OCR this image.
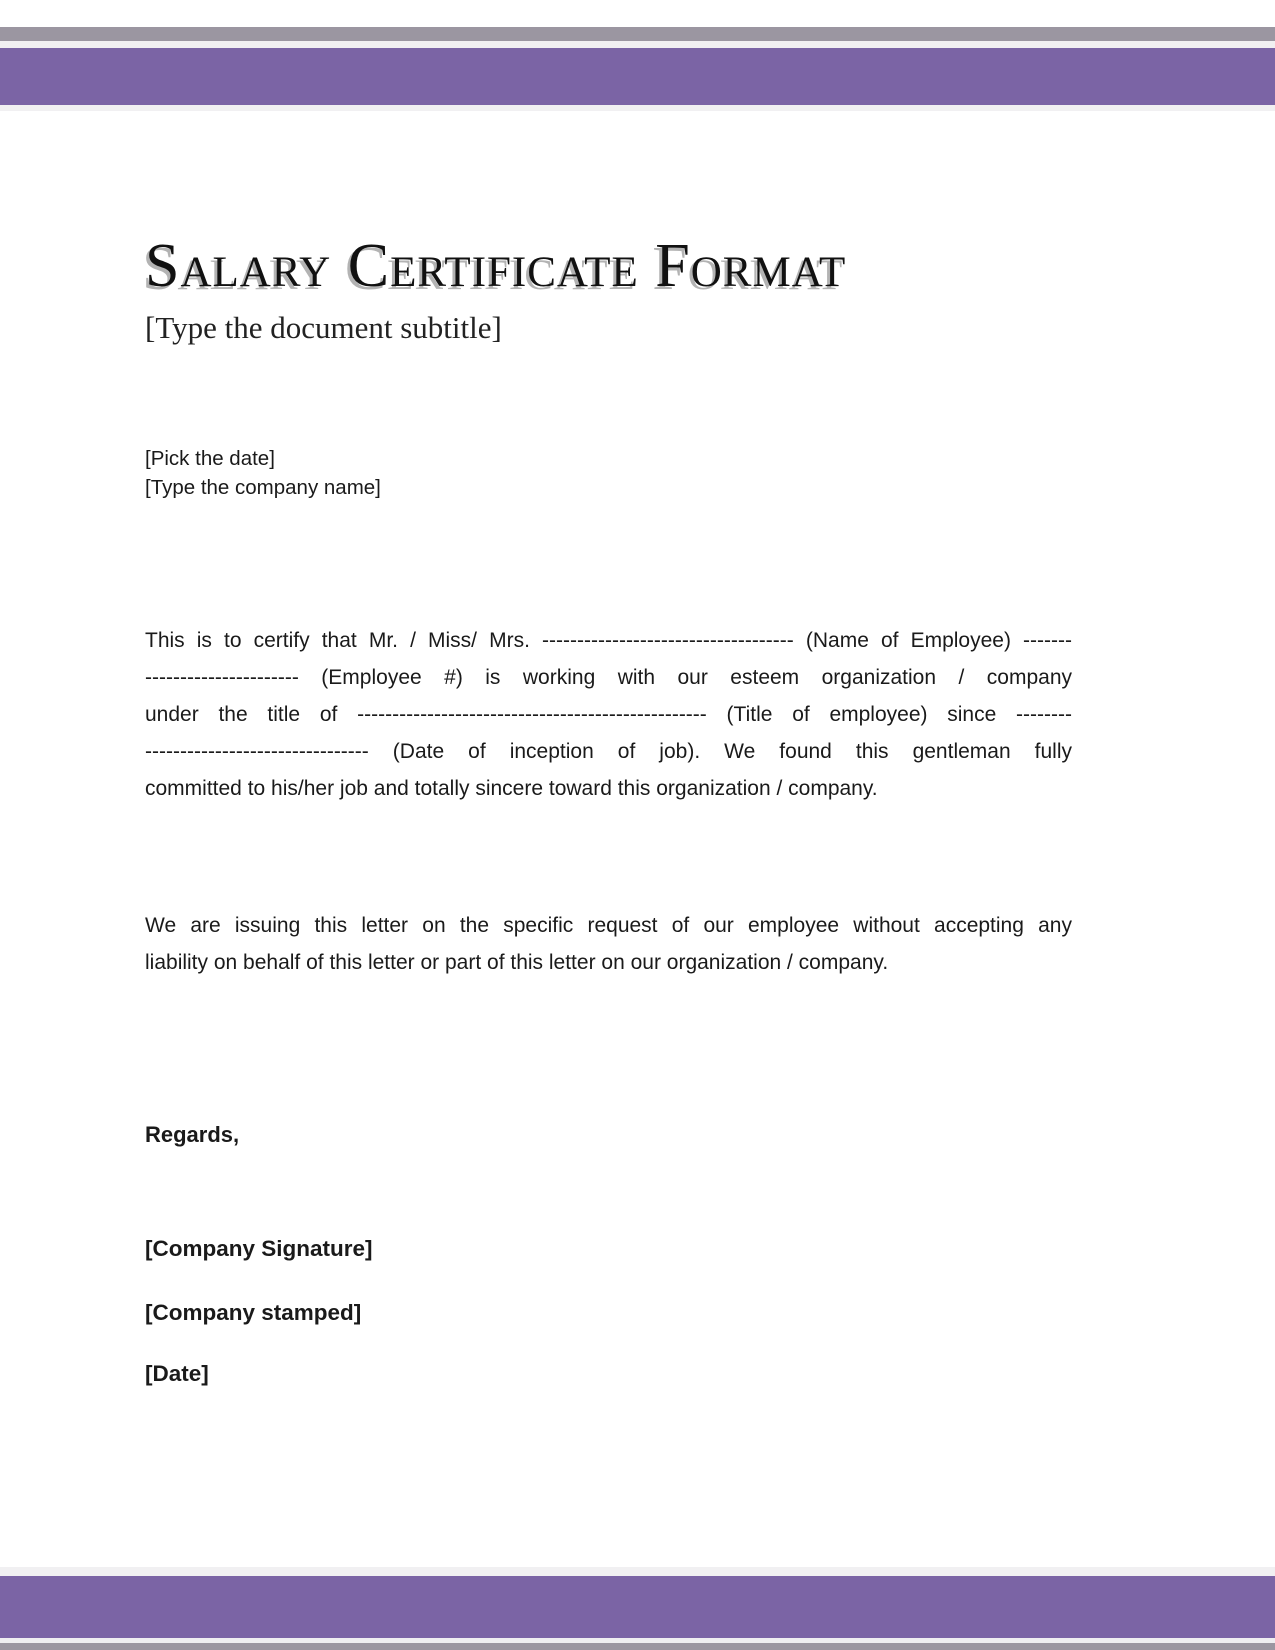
Salary Certificate Format
[Type the document subtitle]
[Pick the date]
[Type the company name]
This is to certify that Mr. / Miss/ Mrs. ------------------------------------ (Name of Employee) -------
---------------------- (Employee #) is working with our esteem organization / company
under the title of -------------------------------------------------- (Title of employee) since --------
-------------------------------- (Date of inception of job). We found this gentleman fully
committed to his/her job and totally sincere toward this organization / company.
We are issuing this letter on the specific request of our employee without accepting any
liability on behalf of this letter or part of this letter on our organization / company.
Regards,
[Company Signature]
[Company stamped]
[Date]
